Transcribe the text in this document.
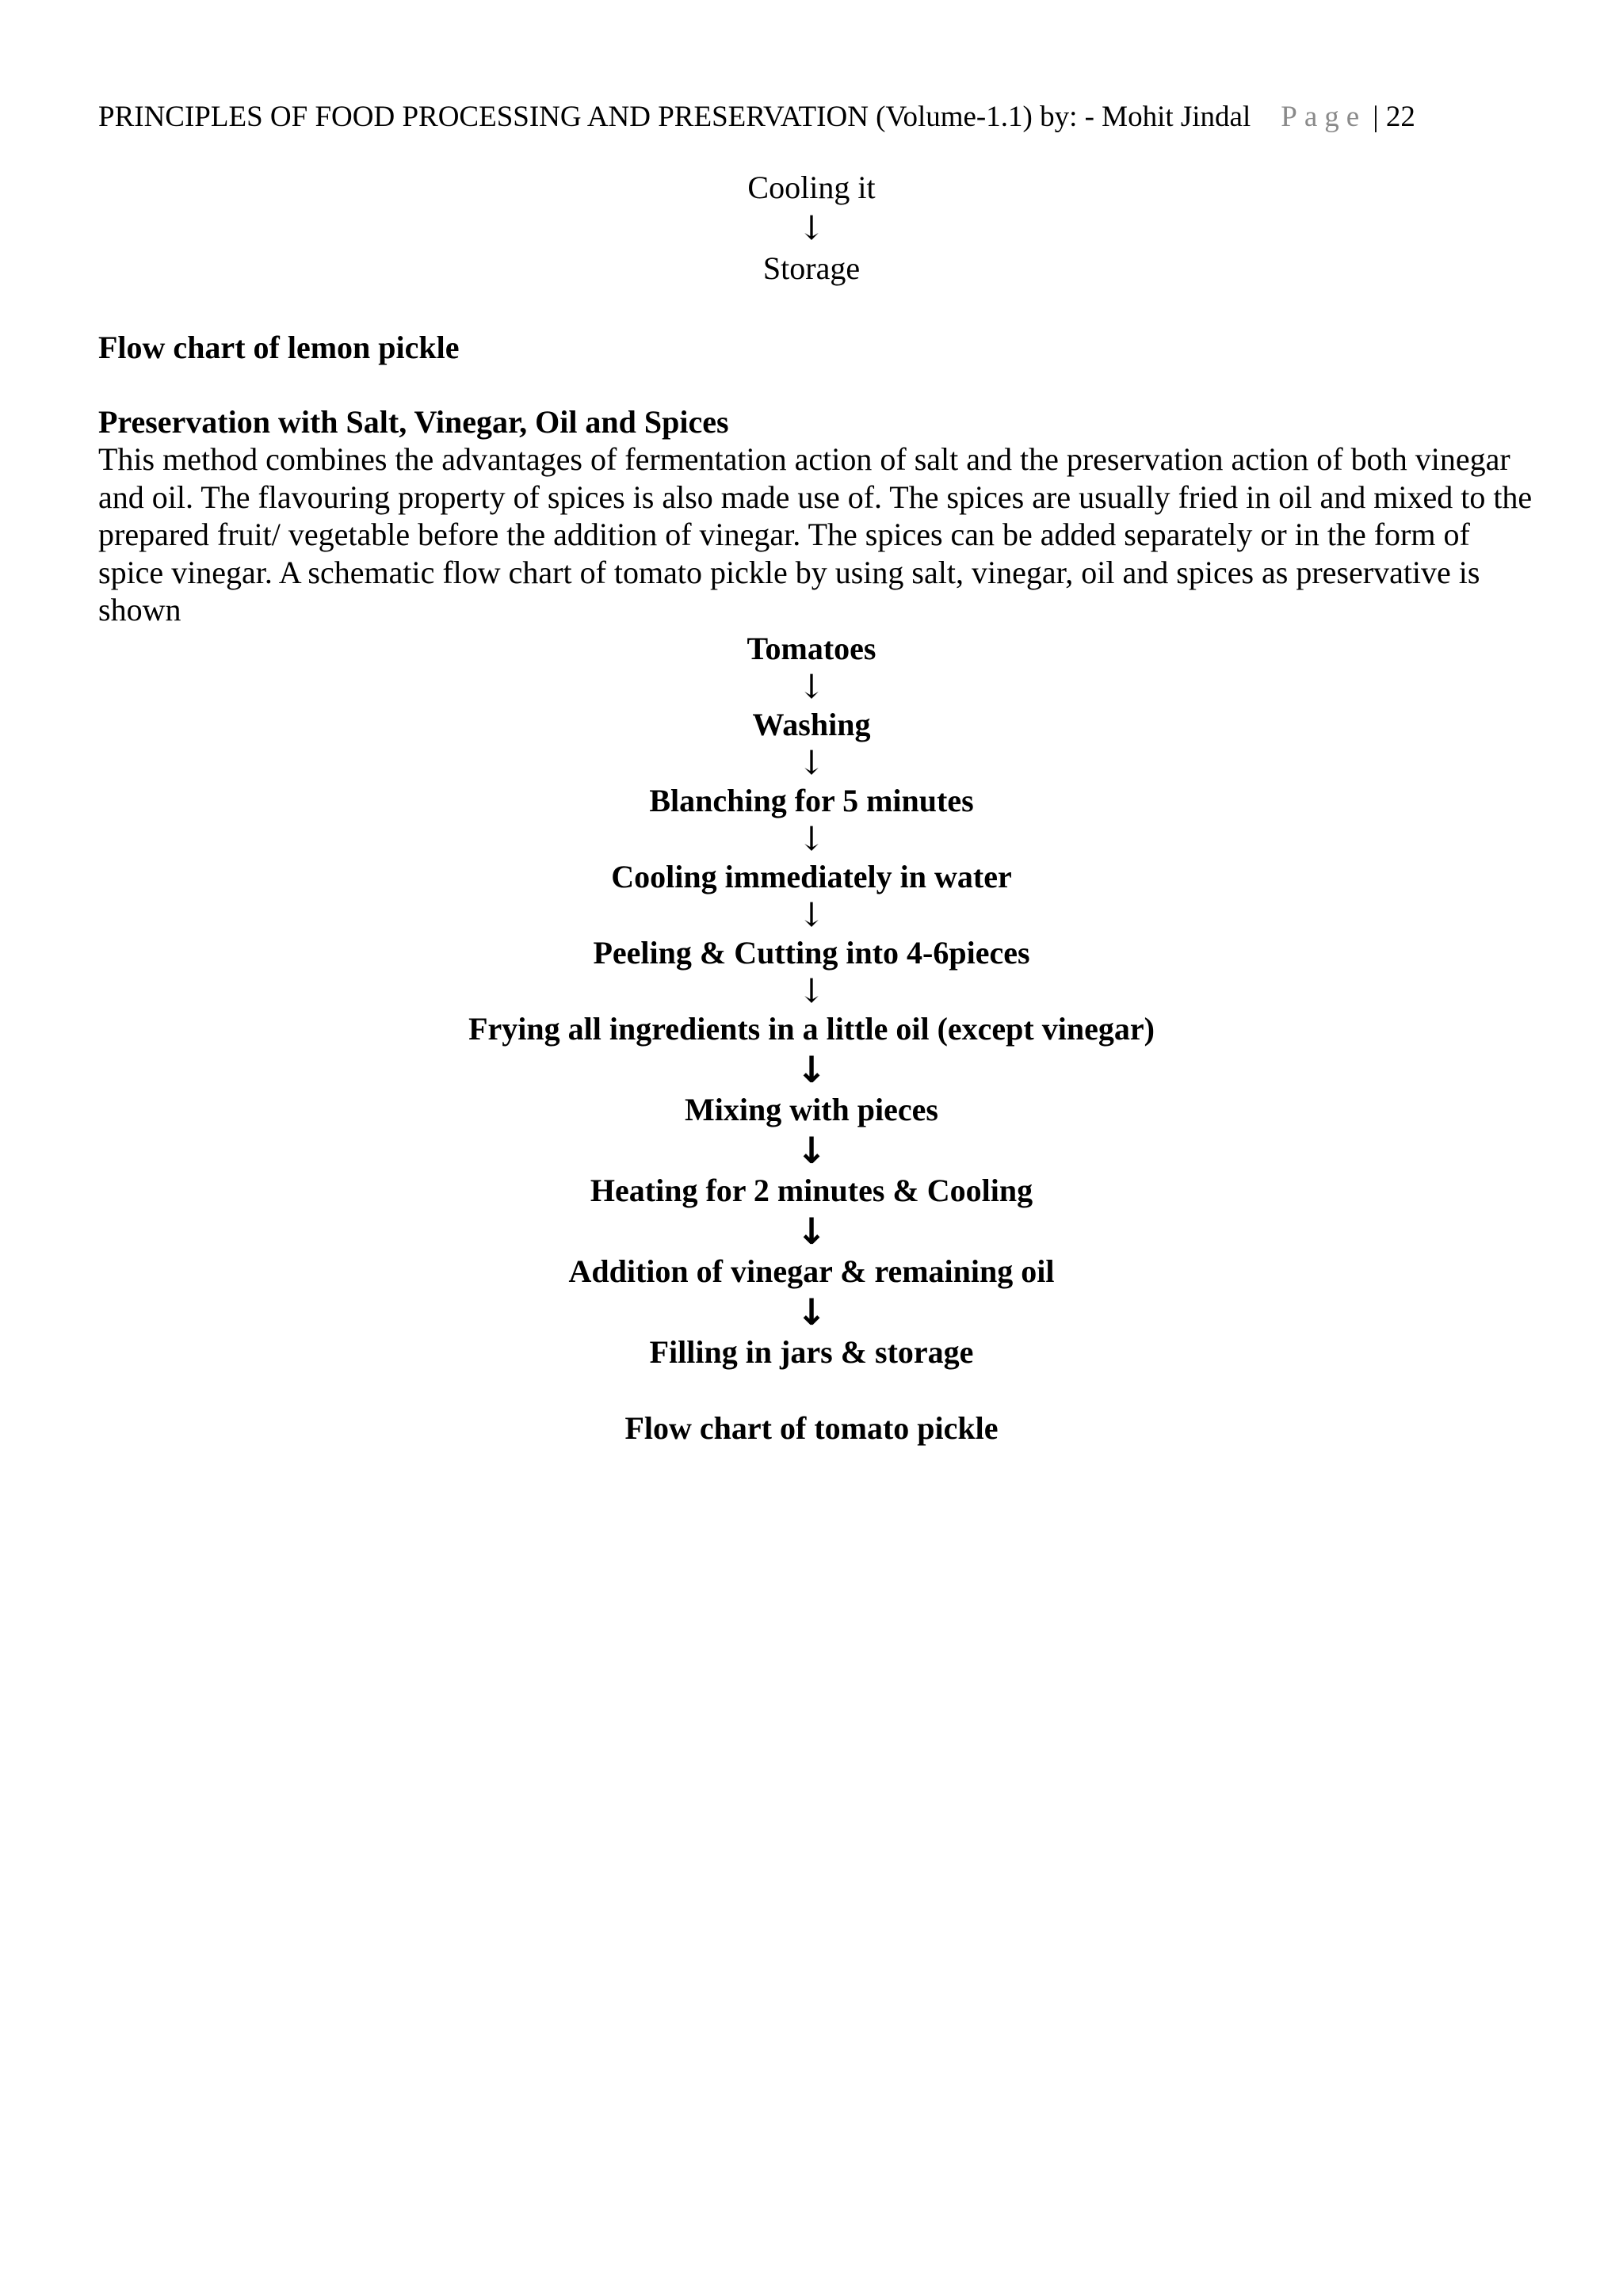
PRINCIPLES OF FOOD PROCESSING AND PRESERVATION (Volume-1.1) by: - Mohit Jindal Page | 22
Cooling it
↓
Storage
Flow chart of lemon pickle
Preservation with Salt, Vinegar, Oil and Spices
This method combines the advantages of fermentation action of salt and the preservation action of both vinegar and oil. The flavouring property of spices is also made use of. The spices are usually fried in oil and mixed to the prepared fruit/ vegetable before the addition of vinegar. The spices can be added separately or in the form of spice vinegar. A schematic flow chart of tomato pickle by using salt, vinegar, oil and spices as preservative is shown
Tomatoes
↓
Washing
↓
Blanching for 5 minutes
↓
Cooling immediately in water
↓
Peeling & Cutting into 4-6pieces
↓
Frying all ingredients in a little oil (except vinegar)
↓
Mixing with pieces
↓
Heating for 2 minutes & Cooling
↓
Addition of vinegar & remaining oil
↓
Filling in jars & storage
Flow chart of tomato pickle
